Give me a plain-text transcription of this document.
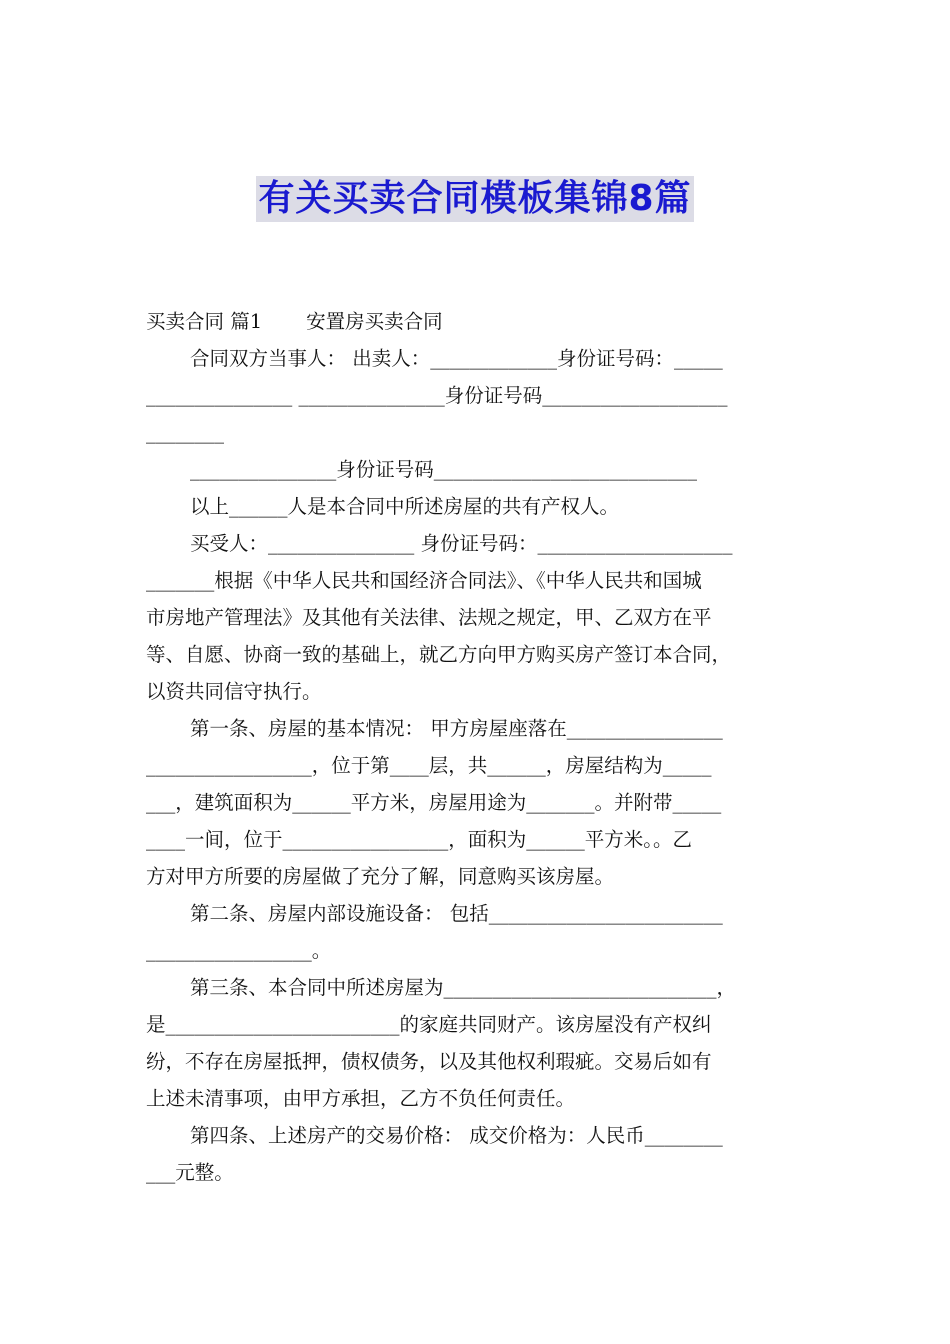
有关买卖合同模板集锦8篇
买卖合同 篇1 安置房买卖合同
合同双方当事人： 出卖人：_____________身份证号码：_____
_______________ _______________身份证号码___________________
________
_______________身份证号码___________________________
以上______人是本合同中所述房屋的共有产权人。
买受人：_______________ 身份证号码：____________________
_______根据《中华人民共和国经济合同法》、《中华人民共和国城
市房地产管理法》及其他有关法律、法规之规定，甲、乙双方在平
等、自愿、协商一致的基础上，就乙方向甲方购买房产签订本合同，
以资共同信守执行。
第一条、房屋的基本情况： 甲方房屋座落在________________
_________________，位于第____层，共______，房屋结构为_____
___，建筑面积为______平方米，房屋用途为_______。并附带_____
____一间，位于_________________，面积为______平方米。。乙
方对甲方所要的房屋做了充分了解，同意购买该房屋。
第二条、房屋内部设施设备： 包括________________________
_________________。
第三条、本合同中所述房屋为____________________________，
是________________________的家庭共同财产。该房屋没有产权纠
纷，不存在房屋抵押，债权债务，以及其他权利瑕疵。交易后如有
上述未清事项，由甲方承担，乙方不负任何责任。
第四条、上述房产的交易价格： 成交价格为：人民币________
___元整。
